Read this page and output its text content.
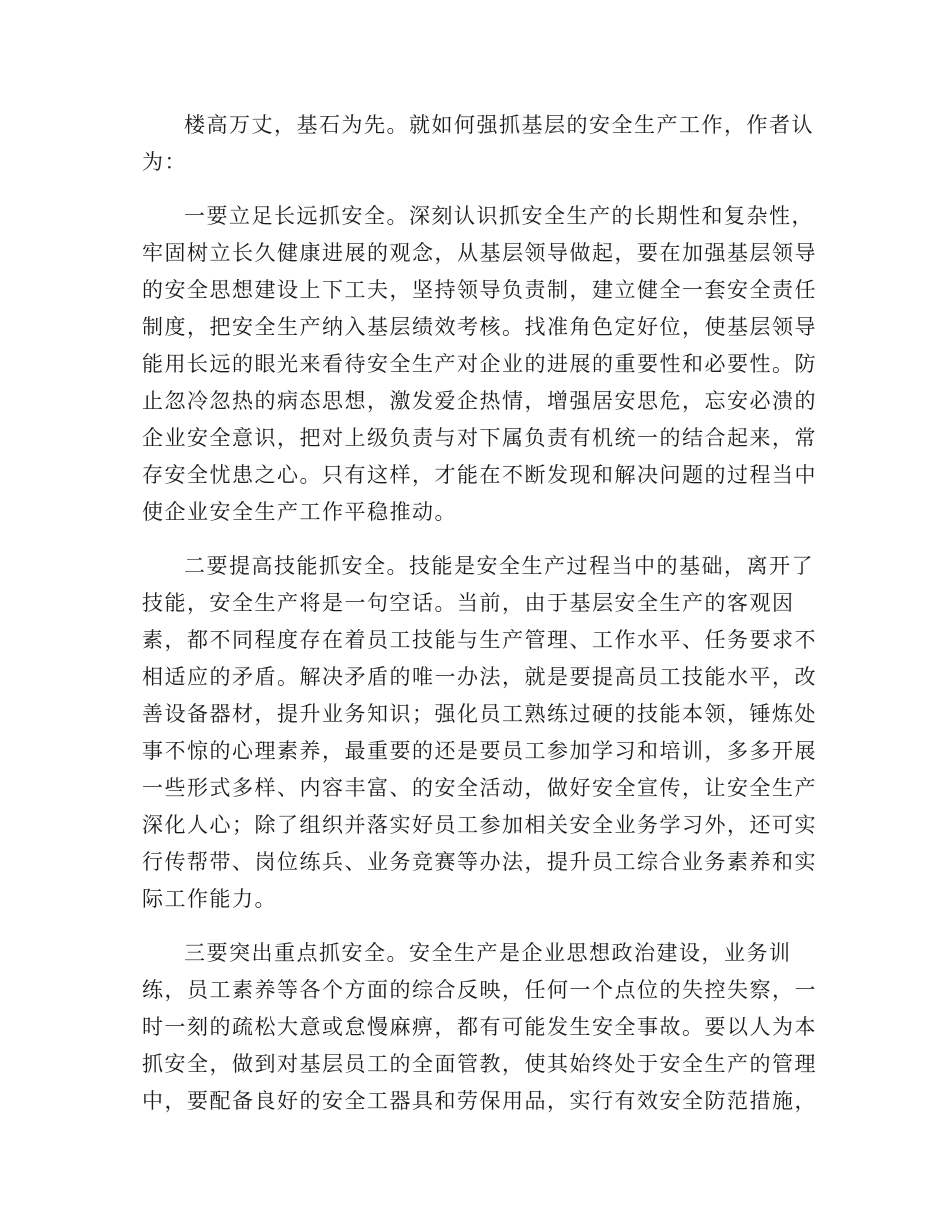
楼高万丈，基石为先。就如何强抓基层的安全生产工作，作者认
为：
一要立足长远抓安全。深刻认识抓安全生产的长期性和复杂性，
牢固树立长久健康进展的观念，从基层领导做起，要在加强基层领导
的安全思想建设上下工夫，坚持领导负责制，建立健全一套安全责任
制度，把安全生产纳入基层绩效考核。找准角色定好位，使基层领导
能用长远的眼光来看待安全生产对企业的进展的重要性和必要性。防
止忽冷忽热的病态思想，激发爱企热情，增强居安思危，忘安必溃的
企业安全意识，把对上级负责与对下属负责有机统一的结合起来，常
存安全忧患之心。只有这样，才能在不断发现和解决问题的过程当中
使企业安全生产工作平稳推动。
二要提高技能抓安全。技能是安全生产过程当中的基础，离开了
技能，安全生产将是一句空话。当前，由于基层安全生产的客观因
素，都不同程度存在着员工技能与生产管理、工作水平、任务要求不
相适应的矛盾。解决矛盾的唯一办法，就是要提高员工技能水平，改
善设备器材，提升业务知识；强化员工熟练过硬的技能本领，锤炼处
事不惊的心理素养，最重要的还是要员工参加学习和培训，多多开展
一些形式多样、内容丰富、的安全活动，做好安全宣传，让安全生产
深化人心；除了组织并落实好员工参加相关安全业务学习外，还可实
行传帮带、岗位练兵、业务竞赛等办法，提升员工综合业务素养和实
际工作能力。
三要突出重点抓安全。安全生产是企业思想政治建设，业务训
练，员工素养等各个方面的综合反映，任何一个点位的失控失察，一
时一刻的疏松大意或怠慢麻痹，都有可能发生安全事故。要以人为本
抓安全，做到对基层员工的全面管教，使其始终处于安全生产的管理
中，要配备良好的安全工器具和劳保用品，实行有效安全防范措施，
